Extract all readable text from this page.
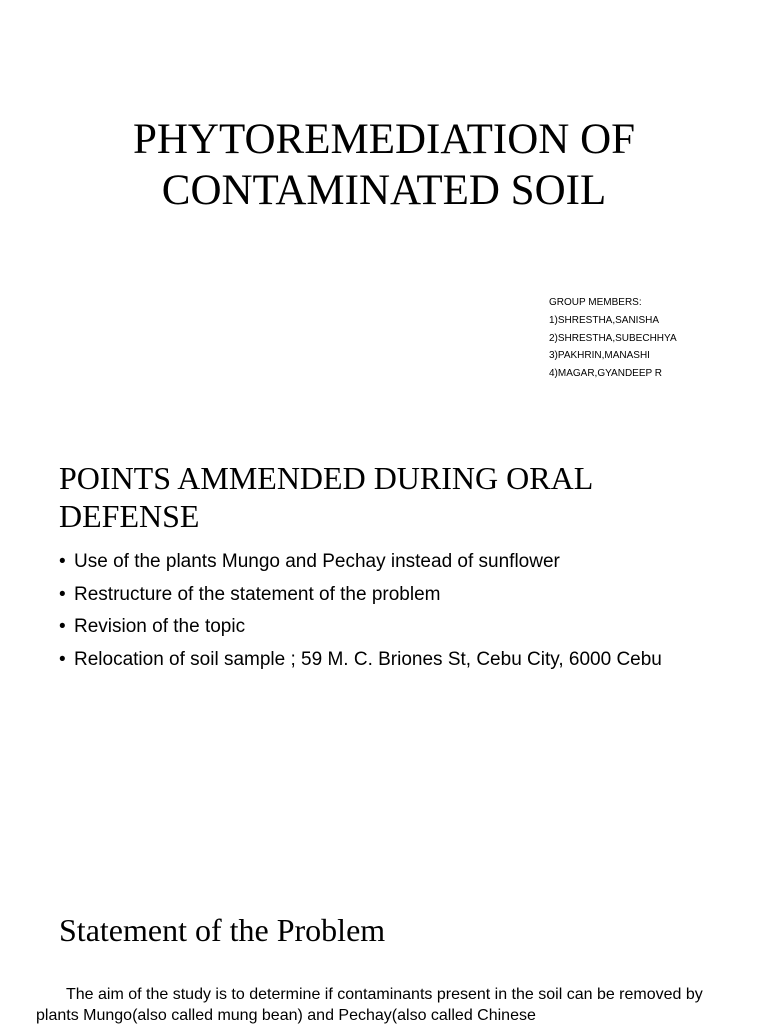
PHYTOREMEDIATION OF
CONTAMINATED SOIL
GROUP MEMBERS:
1)SHRESTHA,SANISHA
2)SHRESTHA,SUBECHHYA
3)PAKHRIN,MANASHI
4)MAGAR,GYANDEEP R
POINTS AMMENDED DURING ORAL
DEFENSE
• Use of the plants Mungo and Pechay instead of sunflower
• Restructure of the statement of the problem
• Revision of the topic
• Relocation of soil sample ; 59 M. C. Briones St, Cebu City, 6000 Cebu
Statement of the Problem

The aim of the study is to determine if contaminants present in the soil can be removed by plants Mungo(also called mung bean) and Pechay(also called Chinese
